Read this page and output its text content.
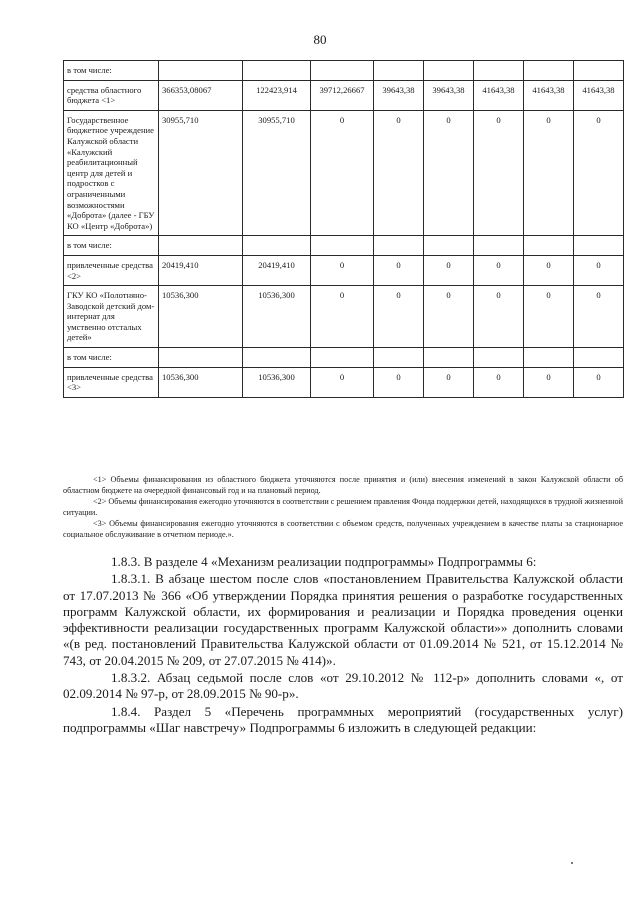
80
в том числе:								
средства областного бюджета <1>	366353,08067	122423,914	39712,26667	39643,38	39643,38	41643,38	41643,38	41643,38
Государственное бюджетное учреждение Калужской области «Калужский реабилитационный центр для детей и подростков с ограниченными возможностями «Доброта» (далее - ГБУ КО «Центр «Доброта»)	30955,710	30955,710	0	0	0	0	0	0
в том числе:								
привлеченные средства <2>	20419,410	20419,410	0	0	0	0	0	0
ГКУ КО «Полотняно-Заводской детский дом-интернат для умственно отсталых детей»	10536,300	10536,300	0	0	0	0	0	0
в том числе:								
привлеченные средства <3>	10536,300	10536,300	0	0	0	0	0	0

<1> Объемы финансирования из областного бюджета уточняются после принятия и (или) внесения изменений в закон Калужской области об областном бюджете на очередной финансовый год и на плановый период.

<2> Объемы финансирования ежегодно уточняются в соответствии с решением правления Фонда поддержки детей, находящихся в трудной жизненной ситуации.

<3> Объемы финансирования ежегодно уточняются в соответствии с объемом средств, полученных учреждением в качестве платы за стационарное социальное обслуживание в отчетном периоде.».

1.8.3. В разделе 4 «Механизм реализации подпрограммы» Подпрограммы 6:

1.8.3.1. В абзаце шестом после слов «постановлением Правительства Калужской области от 17.07.2013 № 366 «Об утверждении Порядка принятия решения о разработке государственных программ Калужской области, их формирования и реализации и Порядка проведения оценки эффективности реализации государственных программ Калужской области»» дополнить словами «(в ред. постановлений Правительства Калужской области от 01.09.2014 № 521, от 15.12.2014 № 743, от 20.04.2015 № 209, от 27.07.2015 № 414)».

1.8.3.2. Абзац седьмой после слов «от 29.10.2012 № 112-р» дополнить словами «, от 02.09.2014 № 97-р, от 28.09.2015 № 90-р».

1.8.4. Раздел 5 «Перечень программных мероприятий (государственных услуг) подпрограммы «Шаг навстречу» Подпрограммы 6 изложить в следующей редакции:
